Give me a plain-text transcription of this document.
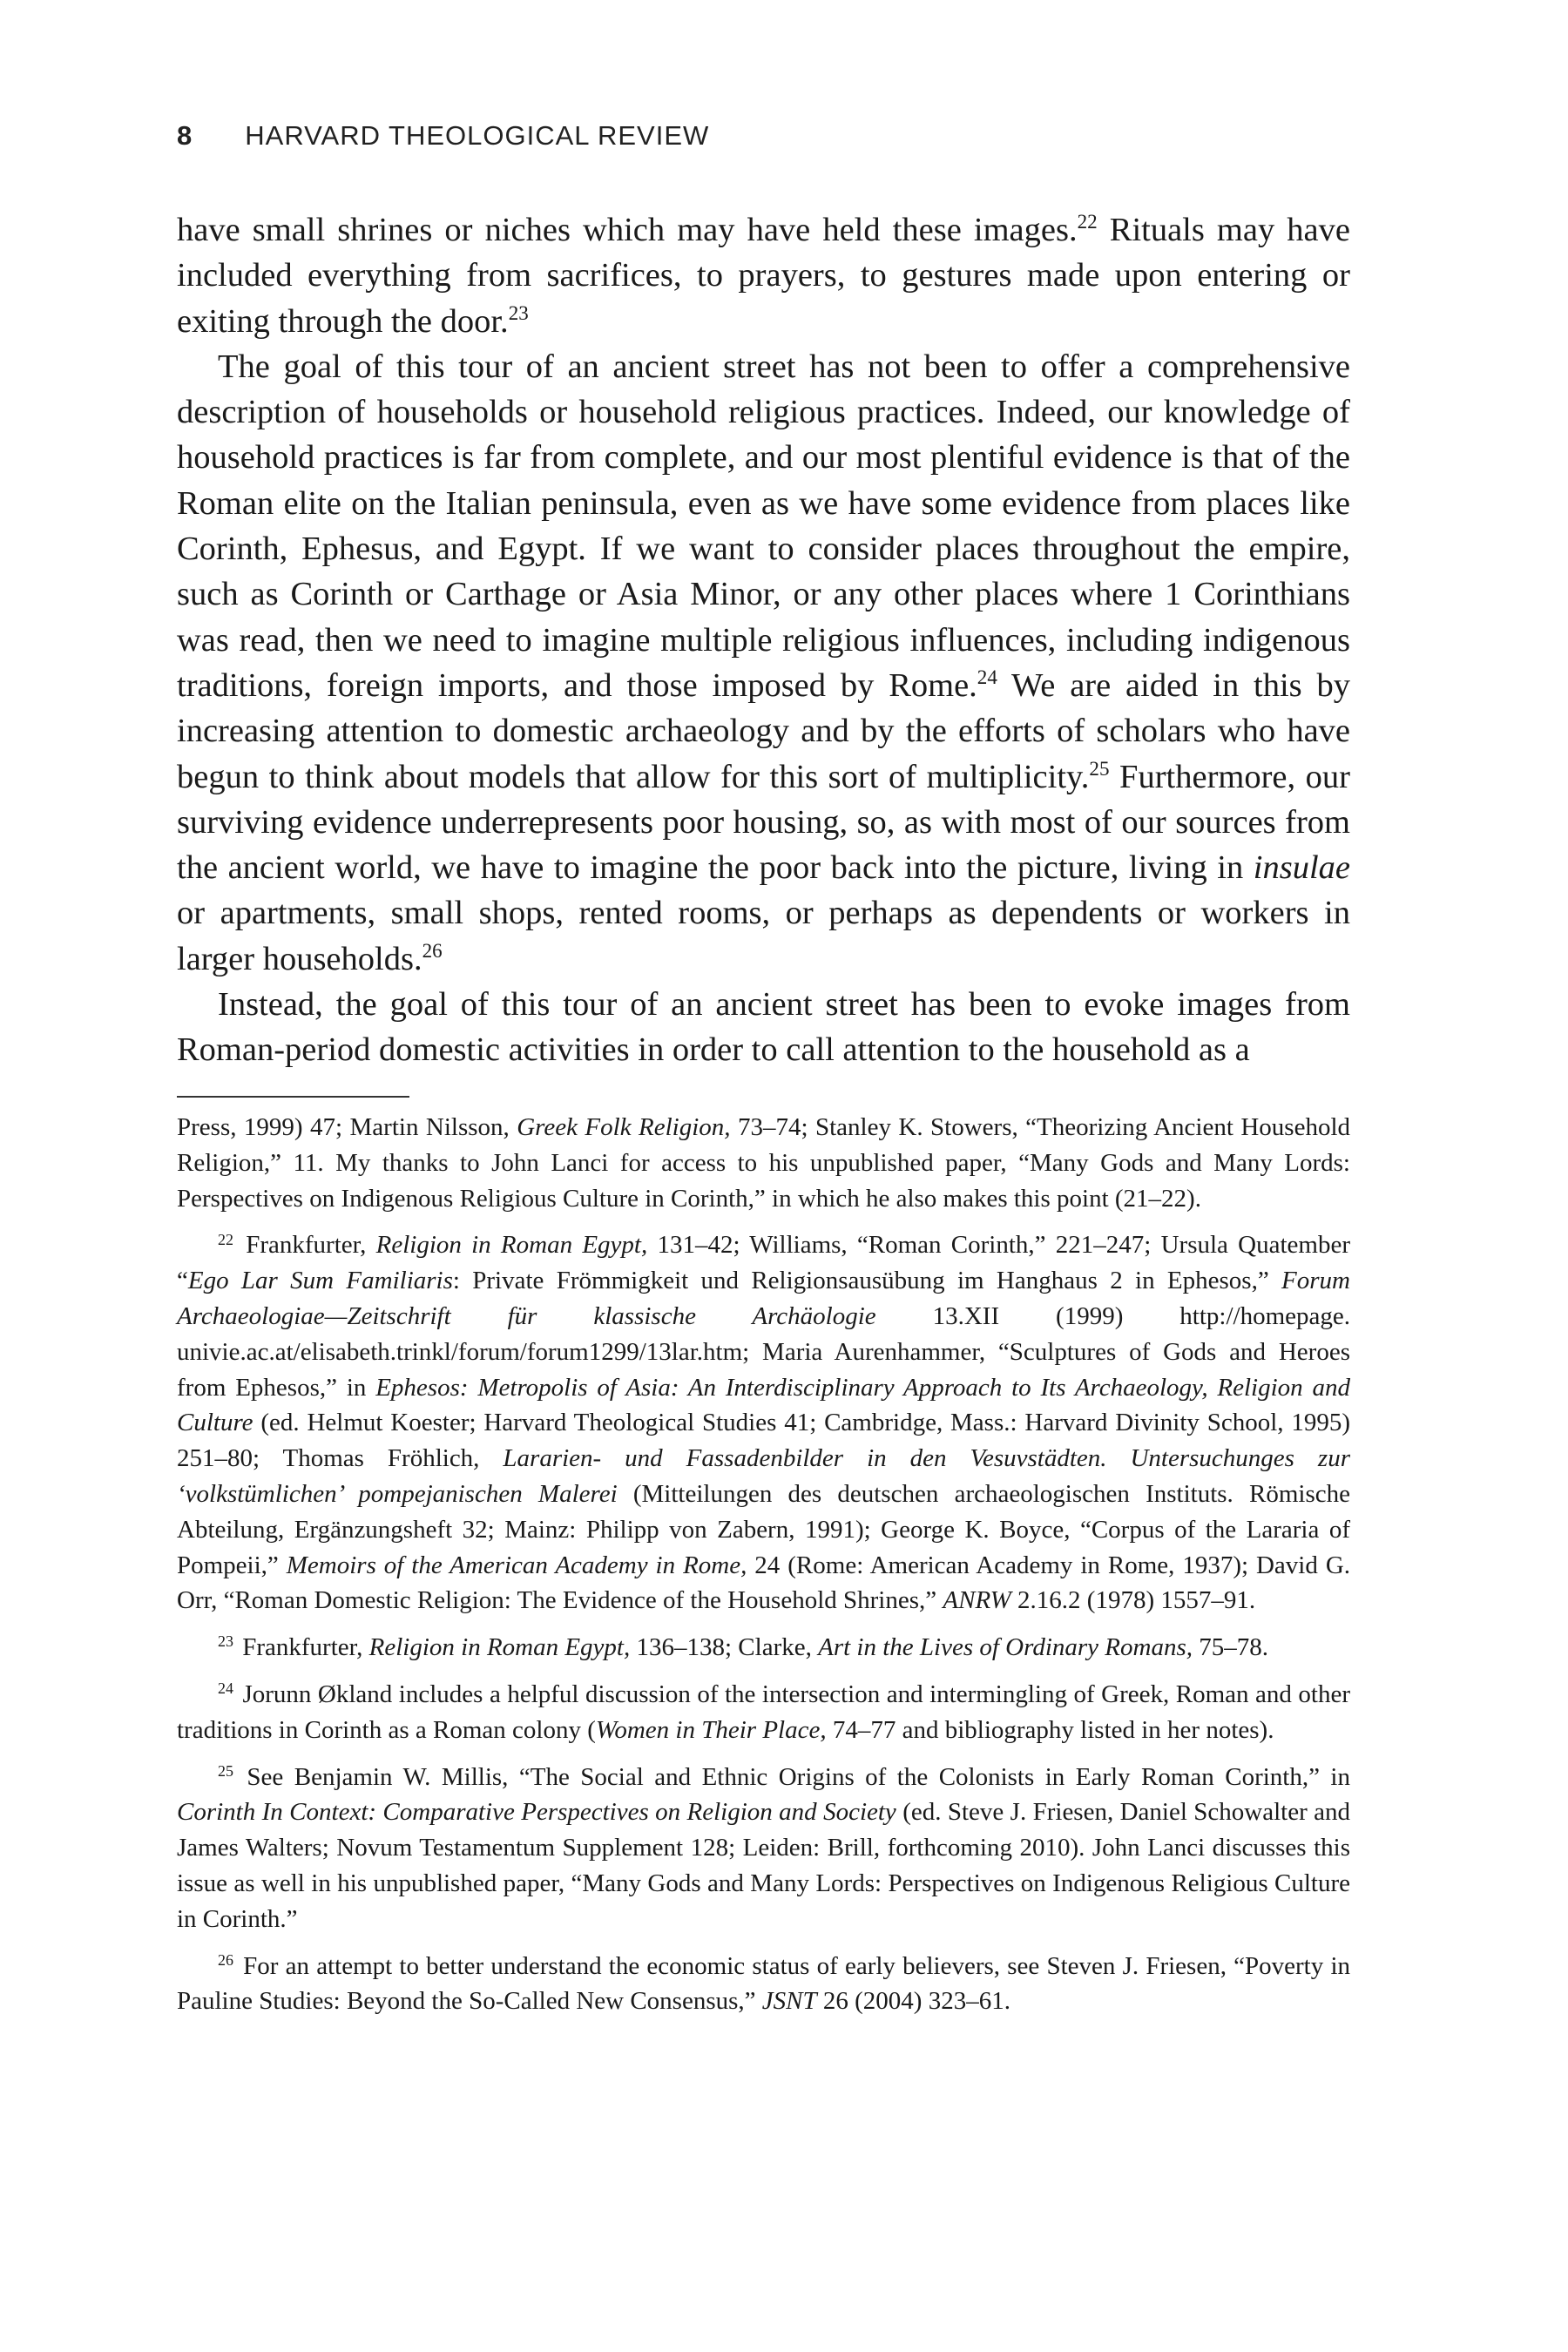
8 HARVARD THEOLOGICAL REVIEW

have small shrines or niches which may have held these images.$^{22}$ Rituals may have included everything from sacrifices, to prayers, to gestures made upon entering or exiting through the door.$^{23}$

The goal of this tour of an ancient street has not been to offer a comprehensive description of households or household religious practices. Indeed, our knowledge of household practices is far from complete, and our most plentiful evidence is that of the Roman elite on the Italian peninsula, even as we have some evidence from places like Corinth, Ephesus, and Egypt. If we want to consider places throughout the empire, such as Corinth or Carthage or Asia Minor, or any other places where 1 Corinthians was read, then we need to imagine multiple religious influences, including indigenous traditions, foreign imports, and those imposed by Rome.$^{24}$ We are aided in this by increasing attention to domestic archaeology and by the efforts of scholars who have begun to think about models that allow for this sort of multiplicity.$^{25}$ Furthermore, our surviving evidence underrepresents poor housing, so, as with most of our sources from the ancient world, we have to imagine the poor back into the picture, living in insulae or apartments, small shops, rented rooms, or perhaps as dependents or workers in larger households.$^{26}$

Instead, the goal of this tour of an ancient street has been to evoke images from Roman-period domestic activities in order to call attention to the household as a

Press, 1999) 47; Martin Nilsson, Greek Folk Religion, 73–74; Stanley K. Stowers, “Theorizing Ancient Household Religion,” 11. My thanks to John Lanci for access to his unpublished paper, “Many Gods and Many Lords: Perspectives on Indigenous Religious Culture in Corinth,” in which he also makes this point (21–22).

$^{22}$ Frankfurter, Religion in Roman Egypt, 131–42; Williams, “Roman Corinth,” 221–247; Ursula Quatember “Ego Lar Sum Familiaris: Private Frömmigkeit und Religionsausübung im Hanghaus 2 in Ephesos,” Forum Archaeologiae—Zeitschrift für klassische Archäologie 13.XII (1999) http://homepage. univie.ac.at/elisabeth.trinkl/forum/forum1299/13lar.htm; Maria Aurenhammer, “Sculptures of Gods and Heroes from Ephesos,” in Ephesos: Metropolis of Asia: An Interdisciplinary Approach to Its Archaeology, Religion and Culture (ed. Helmut Koester; Harvard Theological Studies 41; Cambridge, Mass.: Harvard Divinity School, 1995) 251–80; Thomas Fröhlich, Lararien- und Fassadenbilder in den Vesuvstädten. Untersuchunges zur ‘volkstümlichen’ pompejanischen Malerei (Mitteilungen des deutschen archaeologischen Instituts. Römische Abteilung, Ergänzungsheft 32; Mainz: Philipp von Zabern, 1991); George K. Boyce, “Corpus of the Lararia of Pompeii,” Memoirs of the American Academy in Rome, 24 (Rome: American Academy in Rome, 1937); David G. Orr, “Roman Domestic Religion: The Evidence of the Household Shrines,” ANRW 2.16.2 (1978) 1557–91.

$^{23}$ Frankfurter, Religion in Roman Egypt, 136–138; Clarke, Art in the Lives of Ordinary Romans, 75–78.

$^{24}$ Jorunn Økland includes a helpful discussion of the intersection and intermingling of Greek, Roman and other traditions in Corinth as a Roman colony (Women in Their Place, 74–77 and bibliography listed in her notes).

$^{25}$ See Benjamin W. Millis, “The Social and Ethnic Origins of the Colonists in Early Roman Corinth,” in Corinth In Context: Comparative Perspectives on Religion and Society (ed. Steve J. Friesen, Daniel Schowalter and James Walters; Novum Testamentum Supplement 128; Leiden: Brill, forthcoming 2010). John Lanci discusses this issue as well in his unpublished paper, “Many Gods and Many Lords: Perspectives on Indigenous Religious Culture in Corinth.”

$^{26}$ For an attempt to better understand the economic status of early believers, see Steven J. Friesen, “Poverty in Pauline Studies: Beyond the So-Called New Consensus,” JSNT 26 (2004) 323–61.
